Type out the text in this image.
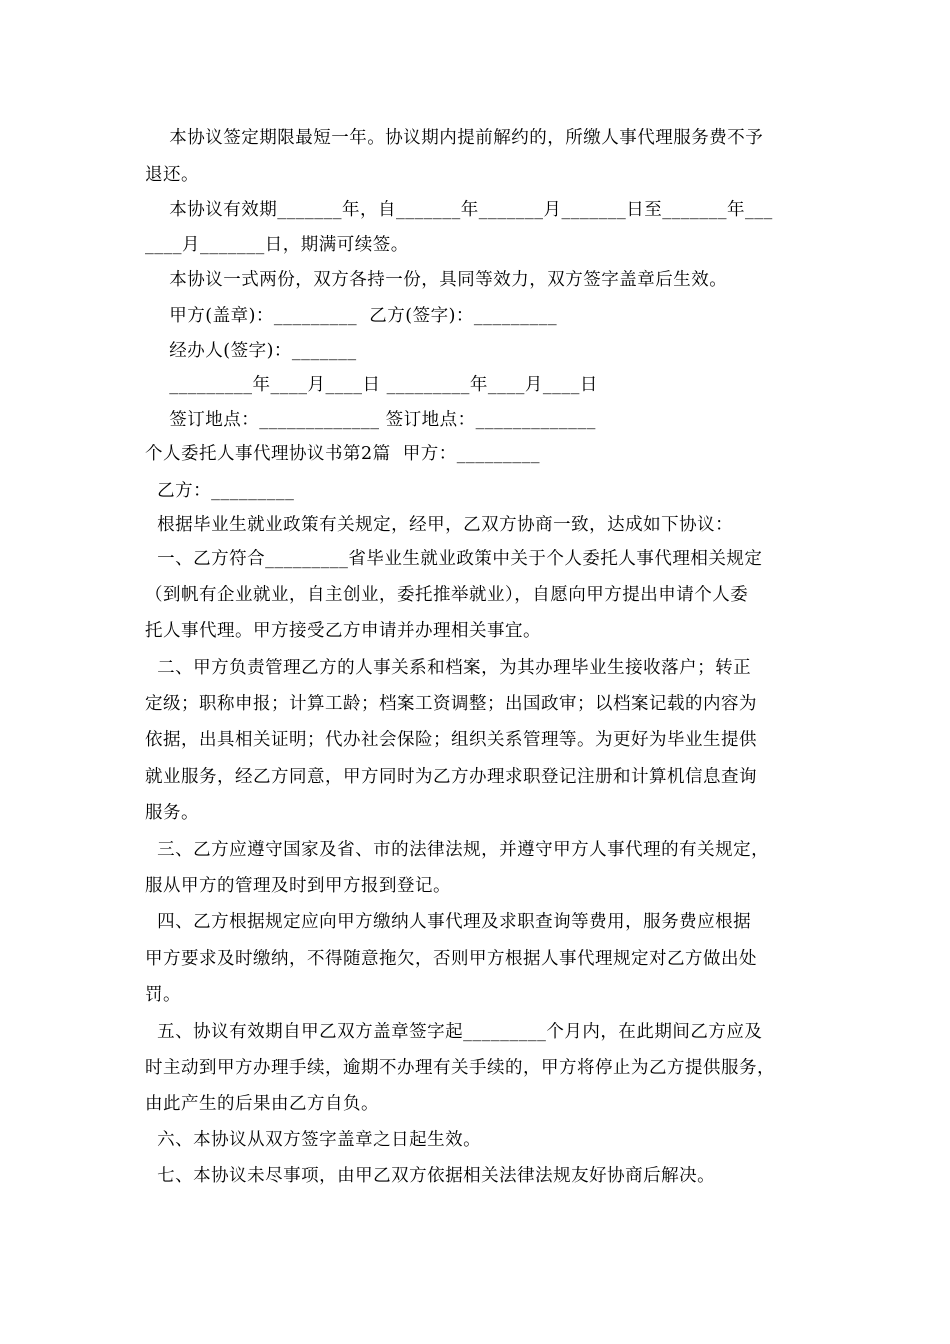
本协议签定期限最短一年。协议期内提前解约的，所缴人事代理服务费不予
退还。
本协议有效期_______年，自_______年_______月_______日至_______年___
____月_______日，期满可续签。
本协议一式两份，双方各持一份，具同等效力，双方签字盖章后生效。
甲方(盖章)：_________  乙方(签字)：_________
经办人(签字)：_______
_________年____月____日 _________年____月____日
签订地点：_____________ 签订地点：_____________
个人委托人事代理协议书第2篇  甲方：_________
乙方：_________
根据毕业生就业政策有关规定，经甲，乙双方协商一致，达成如下协议：
一、乙方符合_________省毕业生就业政策中关于个人委托人事代理相关规定
（到帆有企业就业，自主创业，委托推举就业），自愿向甲方提出申请个人委
托人事代理。甲方接受乙方申请并办理相关事宜。
二、甲方负责管理乙方的人事关系和档案，为其办理毕业生接收落户；转正
定级；职称申报；计算工龄；档案工资调整；出国政审；以档案记载的内容为
依据，出具相关证明；代办社会保险；组织关系管理等。为更好为毕业生提供
就业服务，经乙方同意，甲方同时为乙方办理求职登记注册和计算机信息查询
服务。
三、乙方应遵守国家及省、市的法律法规，并遵守甲方人事代理的有关规定，
服从甲方的管理及时到甲方报到登记。
四、乙方根据规定应向甲方缴纳人事代理及求职查询等费用，服务费应根据
甲方要求及时缴纳，不得随意拖欠，否则甲方根据人事代理规定对乙方做出处
罚。
五、协议有效期自甲乙双方盖章签字起_________个月内，在此期间乙方应及
时主动到甲方办理手续，逾期不办理有关手续的，甲方将停止为乙方提供服务，
由此产生的后果由乙方自负。
六、本协议从双方签字盖章之日起生效。
七、本协议未尽事项，由甲乙双方依据相关法律法规友好协商后解决。
